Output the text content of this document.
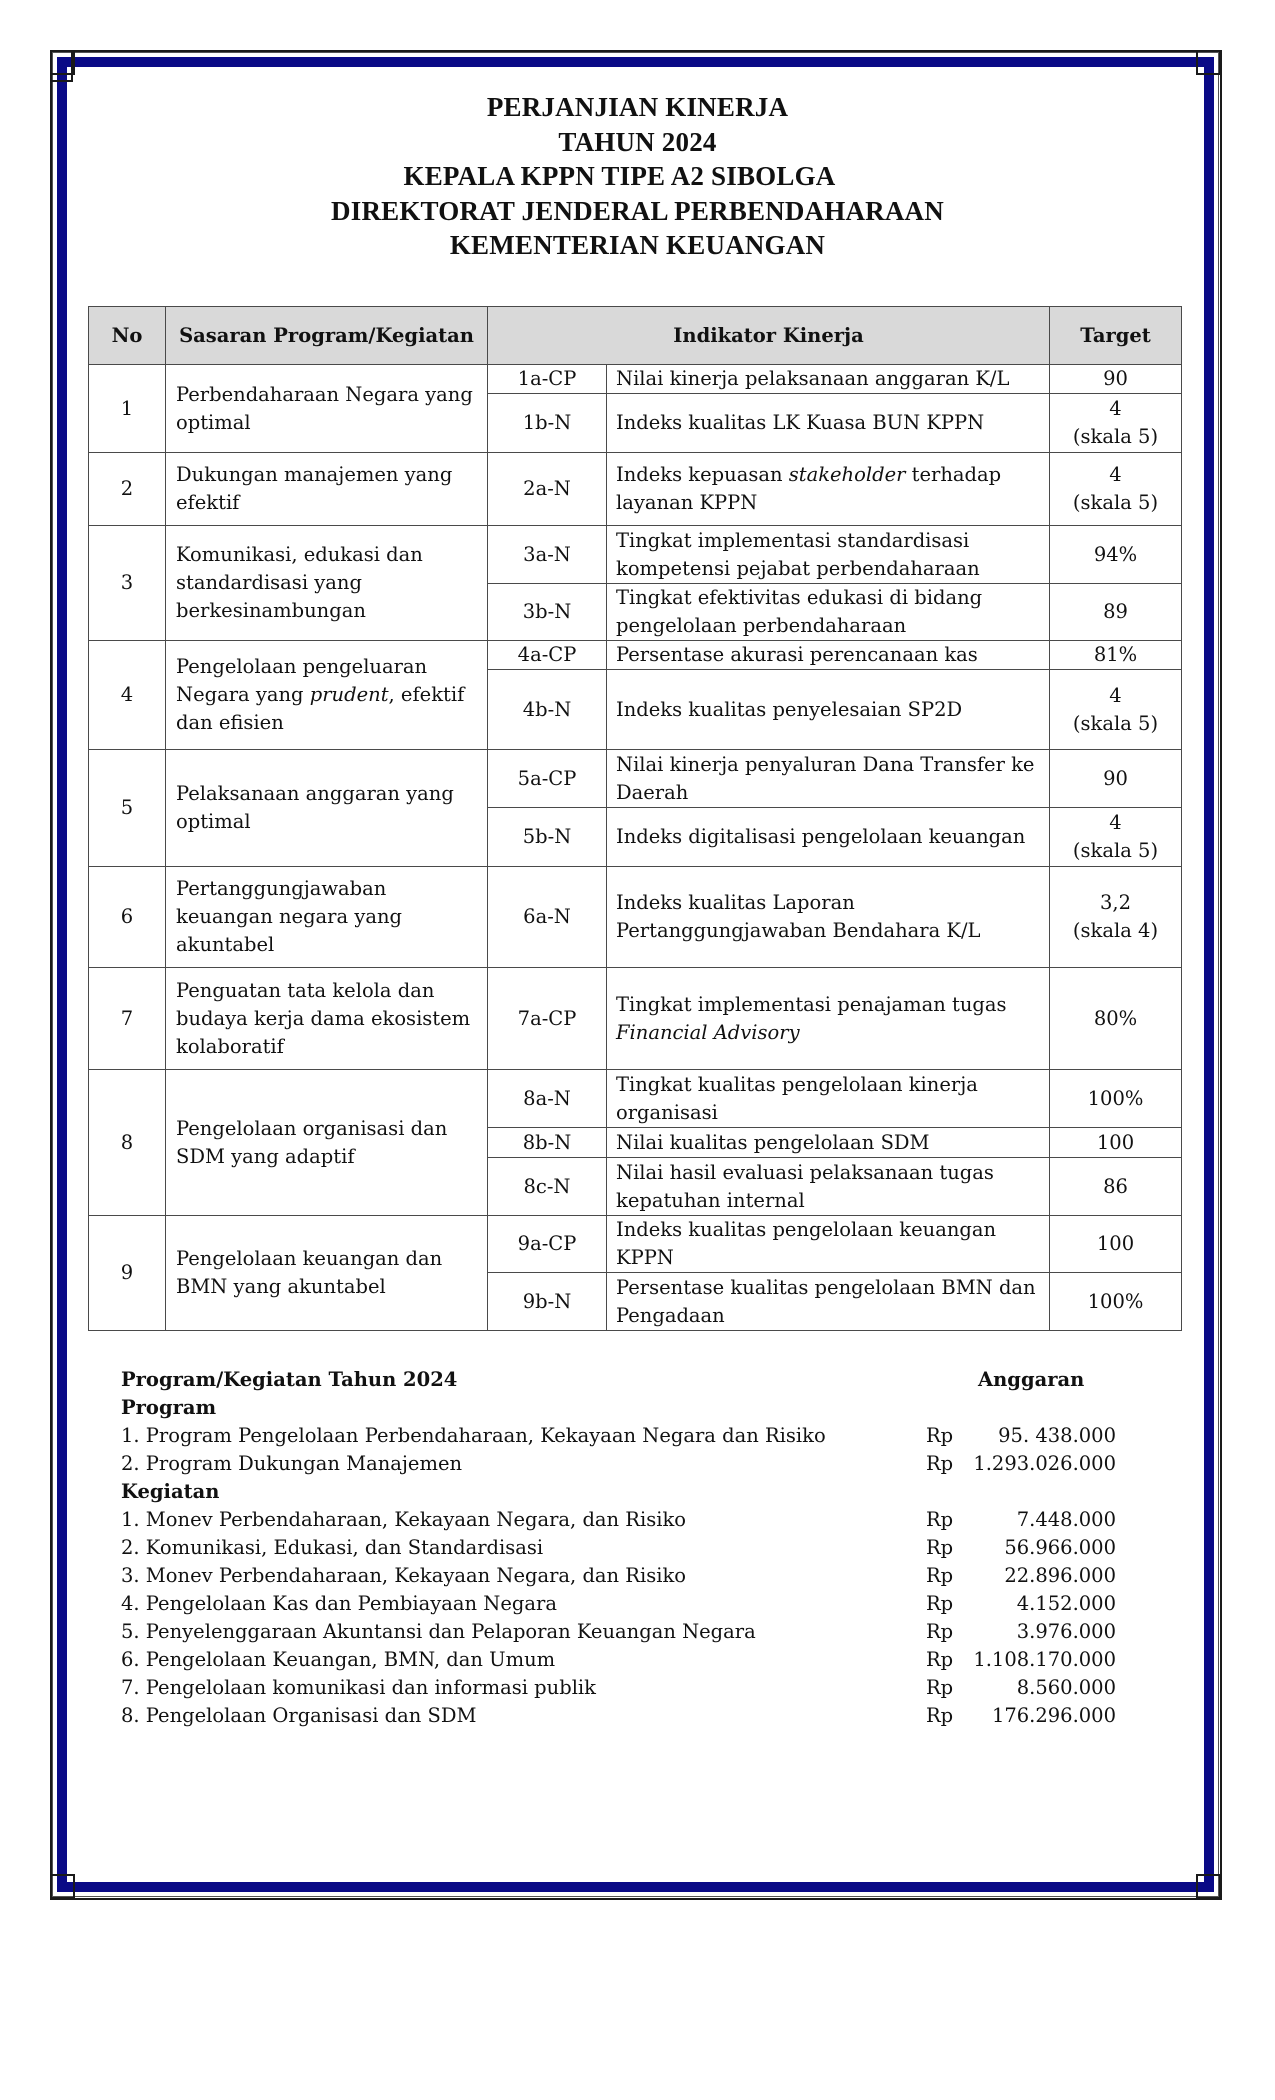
PERJANJIAN KINERJA
TAHUN 2024
KEPALA KPPN TIPE A2 SIBOLGA
DIREKTORAT JENDERAL PERBENDAHARAAN
KEMENTERIAN KEUANGAN
No	Sasaran Program/Kegiatan	Indikator Kinerja		Target
1	Perbendaharaan Negara yang optimal	1a-CP	Nilai kinerja pelaksanaan anggaran K/L	90
		1b-N	Indeks kualitas LK Kuasa BUN KPPN	4
(skala 5)
2	Dukungan manajemen yang efektif	2a-N	Indeks kepuasan stakeholder terhadap layanan KPPN	4
(skala 5)
3	Komunikasi, edukasi dan standardisasi yang berkesinambungan	3a-N	Tingkat implementasi standardisasi kompetensi pejabat perbendaharaan	94%
		3b-N	Tingkat efektivitas edukasi di bidang pengelolaan perbendaharaan	89
4	Pengelolaan pengeluaran Negara yang prudent, efektif dan efisien	4a-CP	Persentase akurasi perencanaan kas	81%
		4b-N	Indeks kualitas penyelesaian SP2D	4
(skala 5)
5	Pelaksanaan anggaran yang optimal	5a-CP	Nilai kinerja penyaluran Dana Transfer ke Daerah	90
		5b-N	Indeks digitalisasi pengelolaan keuangan	4
(skala 5)
6	Pertanggungjawaban keuangan negara yang akuntabel	6a-N	Indeks kualitas Laporan Pertanggungjawaban Bendahara K/L	3,2
(skala 4)
7	Penguatan tata kelola dan budaya kerja dama ekosistem kolaboratif	7a-CP	Tingkat implementasi penajaman tugas Financial Advisory	80%
8	Pengelolaan organisasi dan SDM yang adaptif	8a-N	Tingkat kualitas pengelolaan kinerja organisasi	100%
		8b-N	Nilai kualitas pengelolaan SDM	100
		8c-N	Nilai hasil evaluasi pelaksanaan tugas kepatuhan internal	86
9	Pengelolaan keuangan dan BMN yang akuntabel	9a-CP	Indeks kualitas pengelolaan keuangan KPPN	100
		9b-N	Persentase kualitas pengelolaan BMN dan Pengadaan	100%
Program/Kegiatan Tahun 2024	Anggaran
Program
1. Program Pengelolaan Perbendaharaan, Kekayaan Negara dan Risiko	Rp	95. 438.000
2. Program Dukungan Manajemen	Rp	1.293.026.000
Kegiatan
1. Monev Perbendaharaan, Kekayaan Negara, dan Risiko	Rp	7.448.000
2. Komunikasi, Edukasi, dan Standardisasi	Rp	56.966.000
3. Monev Perbendaharaan, Kekayaan Negara, dan Risiko	Rp	22.896.000
4. Pengelolaan Kas dan Pembiayaan Negara	Rp	4.152.000
5. Penyelenggaraan Akuntansi dan Pelaporan Keuangan Negara	Rp	3.976.000
6. Pengelolaan Keuangan, BMN, dan Umum	Rp	1.108.170.000
7. Pengelolaan komunikasi dan informasi publik	Rp	8.560.000
8. Pengelolaan Organisasi dan SDM	Rp	176.296.000
